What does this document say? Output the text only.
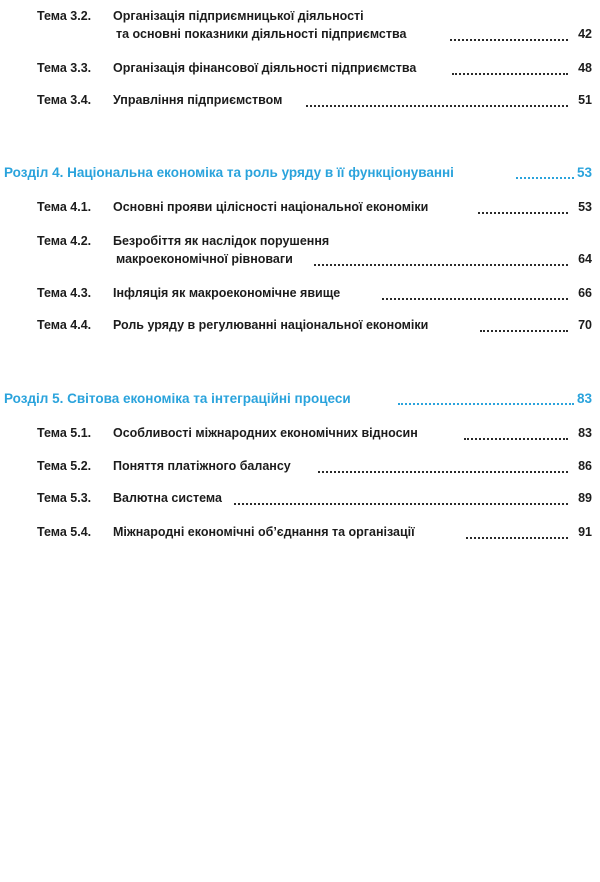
Тема 3.2. Організація підприємницької діяльності
та основні показники діяльності підприємства	42
Тема 3.3. Організація фінансової діяльності підприємства	48
Тема 3.4. Управління підприємством	51
Розділ 4. Національна економіка та роль уряду в її функціонуванні	53
Тема 4.1. Основні прояви цілісності національної економіки	53
Тема 4.2. Безробіття як наслідок порушення
макроекономічної рівноваги	64
Тема 4.3. Інфляція як макроекономічне явище	66
Тема 4.4. Роль уряду в регулюванні національної економіки	70
Розділ 5. Світова економіка та інтеграційні процеси	83
Тема 5.1. Особливості міжнародних економічних відносин	83
Тема 5.2. Поняття платіжного балансу	86
Тема 5.3. Валютна система	89
Тема 5.4. Міжнародні економічні об’єднання та організації	91
